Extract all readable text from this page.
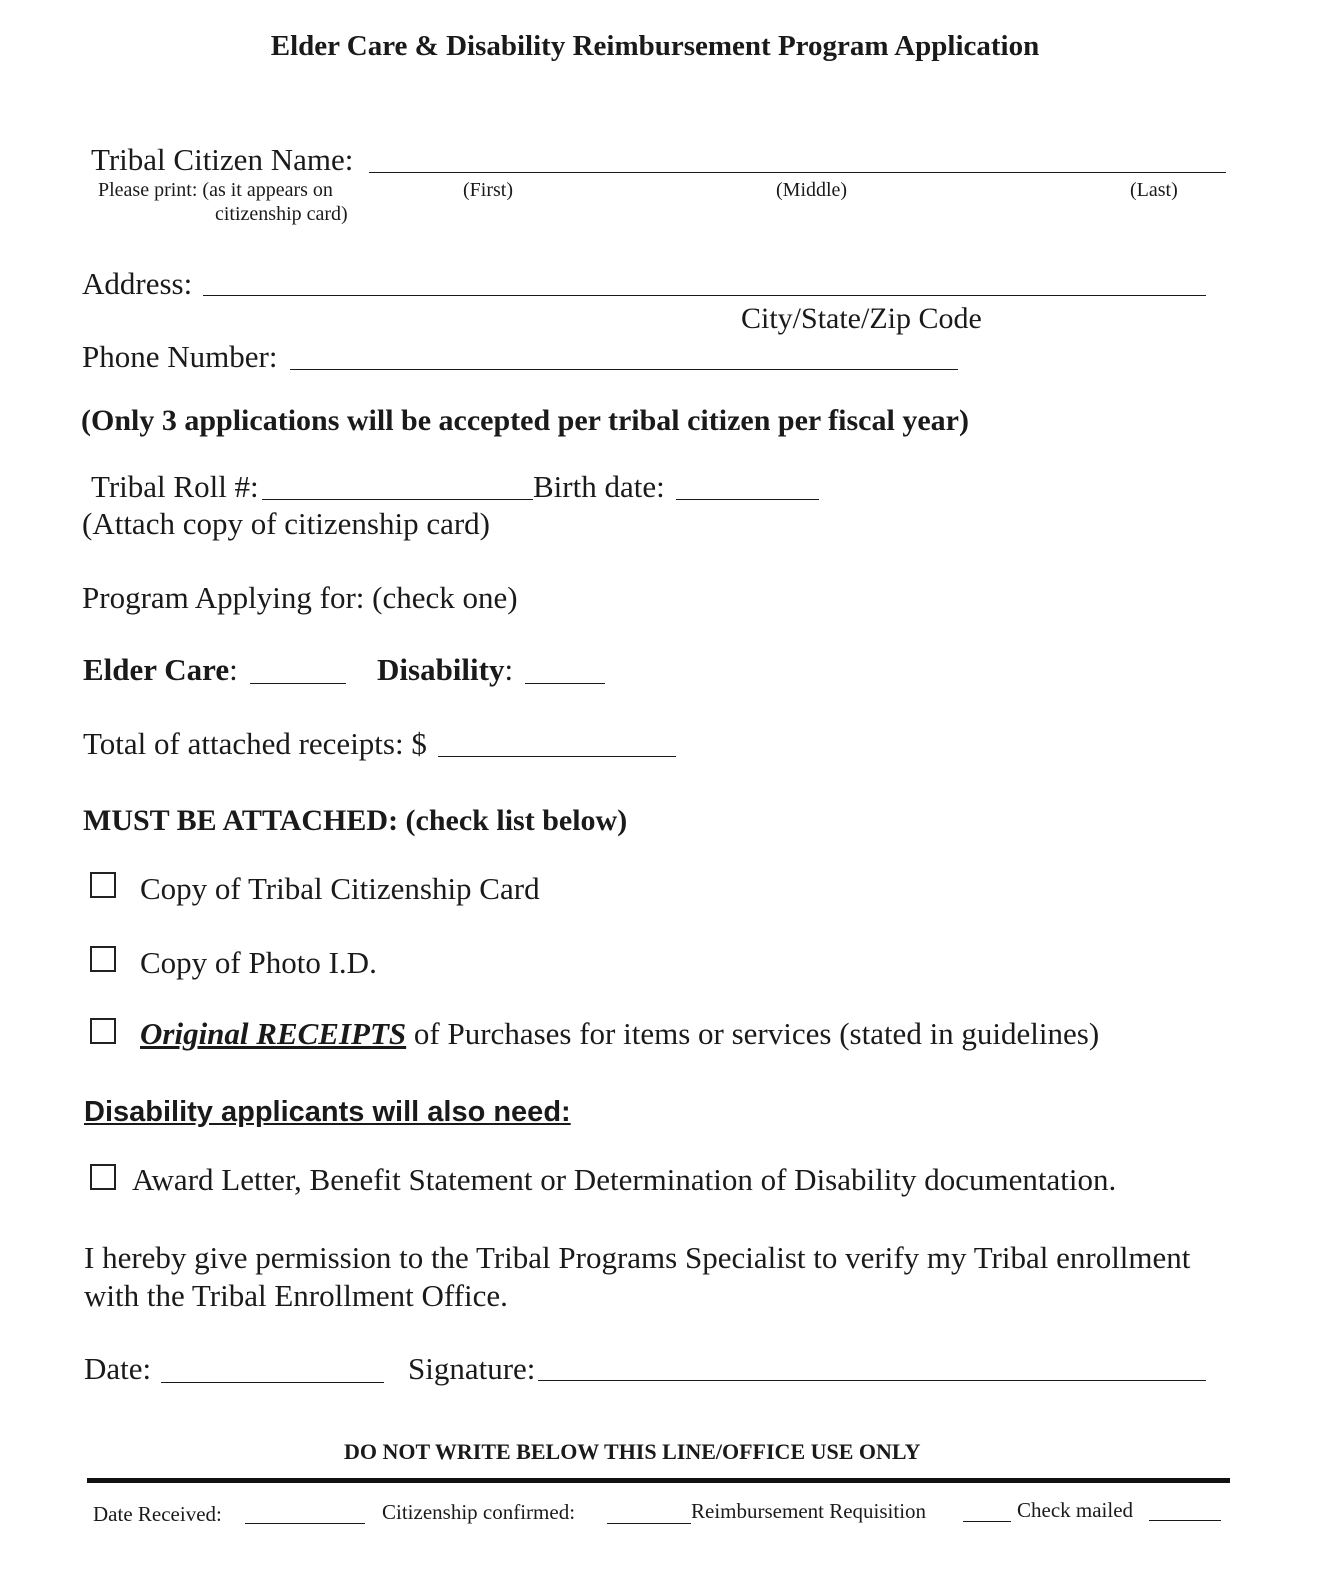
Elder Care & Disability Reimbursement Program Application
Tribal Citizen Name:
Please print: (as it appears on
citizenship card)
(First)	(Middle)	(Last)
Address:
City/State/Zip Code
Phone Number:
(Only 3 applications will be accepted per tribal citizen per fiscal year)
Tribal Roll #:	Birth date:
(Attach copy of citizenship card)
Program Applying for: (check one)
Elder Care:	Disability:
Total of attached receipts: $
MUST BE ATTACHED: (check list below)
Copy of Tribal Citizenship Card
Copy of Photo I.D.
Original RECEIPTS of Purchases for items or services (stated in guidelines)
Disability applicants will also need:
Award Letter, Benefit Statement or Determination of Disability documentation.
I hereby give permission to the Tribal Programs Specialist to verify my Tribal enrollment
with the Tribal Enrollment Office.
Date:	Signature:
DO NOT WRITE BELOW THIS LINE/OFFICE USE ONLY
Date Received:	Citizenship confirmed:	Reimbursement Requisition	Check mailed
